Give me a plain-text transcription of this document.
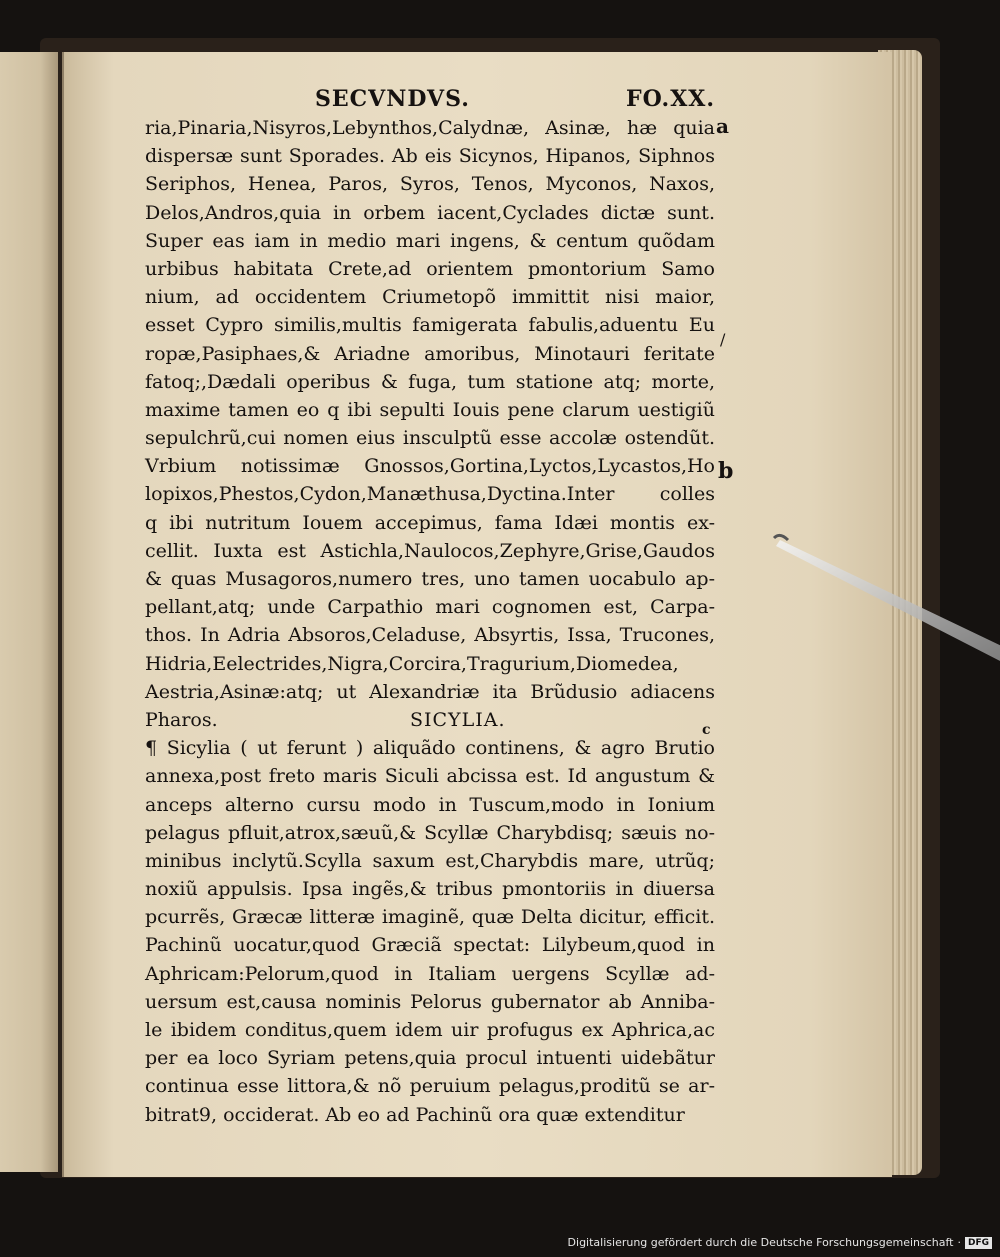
SECVNDVS.	FO.XX.
ria,Pinaria,Nisyros,Lebynthos,Calydnæ, Asinæ, hæ quia
dispersæ sunt Sporades. Ab eis Sicynos, Hipanos, Siphnos
Seriphos, Henea, Paros, Syros, Tenos, Myconos, Naxos,
Delos,Andros,quia in orbem iacent,Cyclades dictæ sunt.
Super eas iam in medio mari ingens, & centum quõdam
urbibus habitata Crete,ad orientem pmontorium Samo
nium, ad occidentem Criumetopõ immittit nisi maior,
esset Cypro similis,multis famigerata fabulis,aduentu Eu
ropæ,Pasiphaes,& Ariadne amoribus, Minotauri feritate
fatoq;,Dædali operibus & fuga, tum statione atq; morte,
maxime tamen eo q ibi sepulti Iouis pene clarum uestigiũ
sepulchrũ,cui nomen eius insculptũ esse accolæ ostendũt.
Vrbium notissimæ Gnossos,Gortina,Lyctos,Lycastos,Ho
lopixos,Phestos,Cydon,Manæthusa,Dyctina.Inter colles
q ibi nutritum Iouem accepimus, fama Idæi montis ex-
cellit. Iuxta est Astichla,Naulocos,Zephyre,Grise,Gaudos
& quas Musagoros,numero tres, uno tamen uocabulo ap-
pellant,atq; unde Carpathio mari cognomen est, Carpa-
thos. In Adria Absoros,Celaduse, Absyrtis, Issa, Trucones,
Hidria,Eelectrides,Nigra,Corcira,Tragurium,Diomedea,
Aestria,Asinæ:atq; ut Alexandriæ ita Brũdusio adiacens
Pharos.	SICYLIA.
¶ Sicylia ( ut ferunt ) aliquãdo continens, & agro Brutio
annexa,post freto maris Siculi abcissa est. Id angustum &
anceps alterno cursu modo in Tuscum,modo in Ionium
pelagus pfluit,atrox,sæuũ,& Scyllæ Charybdisq; sæuis no-
minibus inclytũ.Scylla saxum est,Charybdis mare, utrũq;
noxiũ appulsis. Ipsa ingẽs,& tribus pmontoriis in diuersa
pcurrẽs, Græcæ litteræ imaginẽ, quæ Delta dicitur, efficit.
Pachinũ uocatur,quod Græciã spectat: Lilybeum,quod in
Aphricam:Pelorum,quod in Italiam uergens Scyllæ ad-
uersum est,causa nominis Pelorus gubernator ab Anniba-
le ibidem conditus,quem idem uir profugus ex Aphrica,ac
per ea loco Syriam petens,quia procul intuenti uidebãtur
continua esse littora,& nõ peruium pelagus,proditũ se ar-
bitrat9, occiderat. Ab eo ad Pachinũ ora quæ extenditur
a
b
c
/
Digitalisierung gefördert durch die Deutsche Forschungsgemeinschaft · DFG
